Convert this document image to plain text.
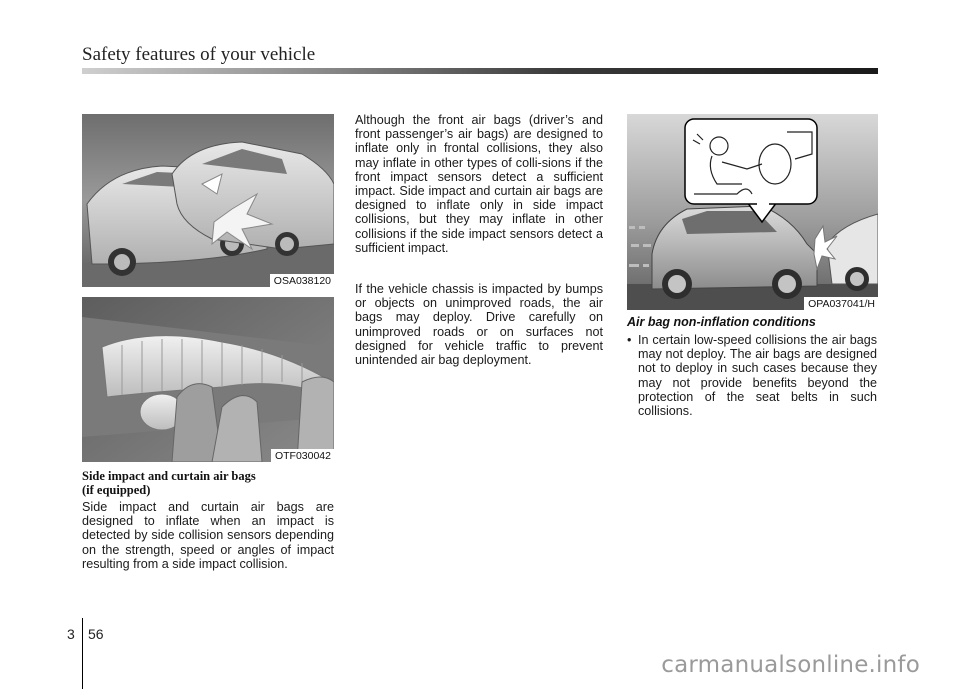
Safety features of your vehicle
OSA038120
OTF030042
OPA037041/H
Side impact and curtain air bags
(if equipped)

Side impact and curtain air bags are designed to inflate when an impact is detected by side collision sensors depending on the strength, speed or angles of impact resulting from a side impact collision.

Although the front air bags (driver’s and front passenger’s air bags) are designed to inflate only in frontal collisions, they also may inflate in other types of colli-sions if the front impact sensors detect a sufficient impact. Side impact and curtain air bags are designed to inflate only in side impact collisions, but they may inflate in other collisions if the side impact sensors detect a sufficient impact.

If the vehicle chassis is impacted by bumps or objects on unimproved roads, the air bags may deploy. Drive carefully on unimproved roads or on surfaces not designed for vehicle traffic to prevent unintended air bag deployment.

Air bag non-inflation conditions
• In certain low-speed collisions the air bags may not deploy. The air bags are designed not to deploy in such cases because they may not provide benefits beyond the protection of the seat belts in such collisions.
3 56
carmanualsonline.info
